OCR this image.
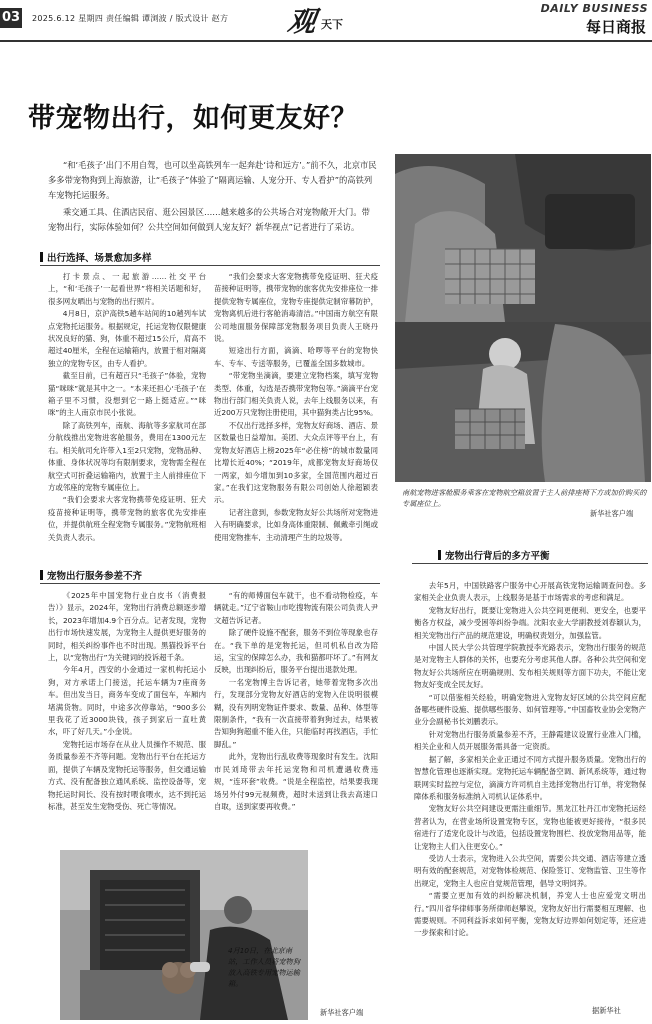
03 2025.6.12 星期四 责任编辑 谭浏波 / 版式设计 赵方 观 天下
DAILY BUSINESS
每日商报
带宠物出行，如何更友好？

“和‘毛孩子’出门不用自驾，也可以坐高铁列车一起奔赴‘诗和远方’。”前不久，北京市民多多带宠物狗到上海旅游，让“毛孩子”体验了“隔离运输、人宠分开、专人看护”的高铁列车宠物托运服务。

乘交通工具、住酒店民宿、逛公园景区……越来越多的公共场合对宠物敞开大门。带宠物出行，实际体验如何？公共空间如何做到人宠友好？新华视点”记者进行了采访。

出行选择、场景愈加多样

打卡景点、一起旅游……社交平台上，“和‘毛孩子’一起看世界”将相关话题和好，很多网友晒出与宠物的出行照片。

4月8日，京沪高铁5趟车站间的10趟列车试点宠物托运服务。根据规定，托运宠物仅限健康状况良好的猫、狗，体重不超过15公斤，肩高不超过40厘米，全程在运输箱内，放置于相对隔离独立的宠物专区，由专人看护。

截至目前，已有超百只“毛孩子”体验，宠物猫“咪咪”就是其中之一。“本来还担心‘毛孩子’在箱子里不习惯，没想到它一路上挺适应。”“咪咪”的主人南京市民小张说。

除了高铁列车，南航、海航等多家航司在部分航线推出宠物进客舱服务，费用在1300元左右。相关航司允许带入1至2只宠物，宠物品种、体重、身体状况等均有限制要求，宠物需全程在航空式可折叠运输箱内，放置于主人前排座位下方或邻座的宠物专属座位上。

“我们会要求大客宠物携带免疫证明、狂犬疫苗接种证明等，携带宠物的旅客优先安排座位，并提供航班全程宠物专属服务。”宠物航班相关负责人表示。

“我们会要求大客宠物携带免疫证明、狂犬疫苗接种证明等，携带宠物的旅客优先安排座位一排提供宠物专属座位，宠物专座提供定制帘幕防护，宠物离机后进行客舱消毒清洁。”中国南方航空有限公司地面服务保障部宠物服务项目负责人王晓丹说。

短途出行方面，滴滴、哈啰等平台的宠物快车、专车、专送等服务，已覆盖全国多数城市。

“带宠物坐滴滴，要建立宠物档案，填写宠物类型、体重，勾选是否携带宠物包等。”滴滴平台宠物出行部门相关负责人说，去年上线服务以来，有近200万只宠物注册使用，其中猫狗类占比95%。

不仅出行选择多样，宠物友好商场、酒店、景区数量也日益增加。美团、大众点评等平台上，有宠物友好酒店上榜2025年“必住榜”的城市数量同比增长近40%；“2019年，成都宠物友好商场仅一两家，如今增加到10多家，全国范围内超过百家。”在我们这宠物服务有限公司创始人徐超颖表示。

记者注意到，参数宠物友好公共场所对宠物进入有明确要求，比如身高体重限制、佩戴牵引绳或使用宠物推车，主动清理产生的垃圾等。

南航宠物进客舱服务乘客在宠物航空箱放置于主人前排座椅下方或加价购买的专属座位上。
新华社客户端
宠物出行服务参差不齐

《2025年中国宠物行业白皮书（消费报告）》显示，2024年，宠物出行消费总额逐步增长，2023年增加4.9个百分点。记者发现，宠物出行市场快速发展，为宠物主人提供更好服务的同时，相关纠纷事件也不时出现。黑猫投诉平台上，以“宠物出行”为关键词的投诉超千条。

今年4月，西安的小金通过一家机构托运小狗，对方承诺上门接送，托运车辆为7座商务车。但出发当日，商务车变成了面包车，车厢内堵满货物。同时，中途多次停靠站，“900多公里我花了近3000块钱，孩子到家后一直吐黄水，吓了好几天。”小金说。

宠物托运市场存在从业人员操作不规范、服务质量参差不齐等问题。宠物出行平台在托运方面，提供了车辆及宠物托运等服务，但交通运输方式、没有配备独立通风系统、监控设备等，宠物托运时间长、没有按时喂食喂水，达不到托运标准，甚至发生宠物受伤、死亡等情况。

“有的师傅面包车就干，也不看动物检疫，车辆就走。”辽宁省鞍山市吃搜物流有限公司负责人尹文超告诉记者。

除了硬件设施不配套，服务不到位等现象也存在。“我下单的是宠物托运，但司机私自改为陪运，宝宝的保障怎么办，我和猫都吓坏了。”有网友反映，出现纠纷后，服务平台提出退款处理。

一名宠物博主告诉记者，她带着宠物多次出行，发现部分宠物友好酒店的宠物入住说明很模糊，没有列明宠物证件要求、数量、品种、体型等限制条件，“我有一次直接带着狗狗过去，结果被告知狗狗超重不能入住，只能临时再找酒店，手忙脚乱。”

此外，宠物出行乱收费等现象时有发生。沈阳市民刘琦带去年托运宠物和司机遭遇收费违规，“连环套”收费。“说是全程监控，结果要我现场另外付99元视频费，超时未送到让我去高速口自取，送到家要再收费。”

宠物出行背后的多方平衡

去年5月，中国铁路客户服务中心开展高铁宠物运输调查问卷。多家相关企业负责人表示，上线服务是基于市场需求的考虑和满足。

宠物友好出行，既要让宠物进入公共空间更便利、更安全，也要平衡各方权益，减少受困等纠纷争端。沈阳农业大学副教授刘春颖认为，相关宠物出行产品的规范建设，明确权责划分，加强监管。

中国人民大学公共管理学院教授李光路表示，宠物出行服务的规范是对宠物主人群体的关怀，也要充分考虑其他人群。各种公共空间和宠物友好公共场所应在明确规则、发布相关规则等方面下功夫，不能让宠物友好变成全民友好。

“可以借鉴相关经验，明确宠物进入宠物友好区域的公共空间应配备哪些硬件设施、提供哪些服务、如何管理等。”中国畜牧业协会宠物产业分会副秘书长刘鹏表示。

针对宠物出行服务质量参差不齐，王静霞建议设置行业准入门槛，相关企业和人员开展服务需具备一定资质。

据了解，多家相关企业正通过不同方式提升服务质量。宠物出行的智慧化管理也逐渐实现。宠物托运车辆配备空调、新风系统等，通过物联网实时监控与定位，滴滴方许司机自主选择宠物出行订单，将宠物保障体系和服务标准纳入司机认证体系中。

宠物友好公共空间建设更需注重细节。黑龙江牡丹江市宠物托运经营者认为，在营业场所设置宠物专区，宠物也能被更好接待，“很多民宿进行了适宠化设计与改造，包括设置宠物围栏、投放宠物用品等，能让宠物主人们入住更安心。”

受访人士表示，宠物进入公共空间，需要公共交通、酒店等建立透明有效的配套规范，对宠物体检规范、保险签订、宠物监管、卫生等作出规定，宠物主人也应自觉规范管理，倡导文明饲养。

“需要立更加有效的纠纷解决机制，养宠人士也应爱宠文明出行。”四川省华律师事务所律师赵攀说，宠物友好出行需要相互理解、也需要规则。不同利益诉求如何平衡，宠物友好边界如何划定等，还应进一步探索和讨论。

据新华社
4月10日，在北京南站，工作人员将宠物狗放入高铁专用宠物运输箱。
新华社客户端
